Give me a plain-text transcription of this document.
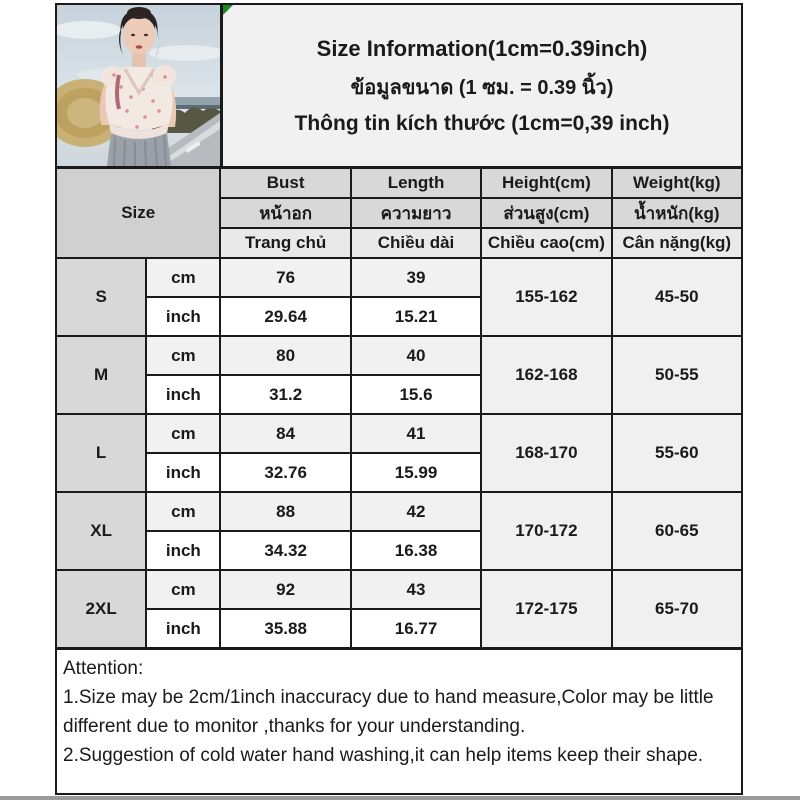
Size Information(1cm=0.39inch)
ข้อมูลขนาด (1 ซม. = 0.39 นิ้ว)
Thông tin kích thước (1cm=0,39 inch)
Size		Bust	Length	Height(cm)	Weight(kg)
		หน้าอก	ความยาว	ส่วนสูง(cm)	น้ำหนัก(kg)
		Trang chủ	Chiều dài	Chiều cao(cm)	Cân nặng(kg)
S	cm	76	39	155-162	45-50
	inch	29.64	15.21		
M	cm	80	40	162-168	50-55
	inch	31.2	15.6		
L	cm	84	41	168-170	55-60
	inch	32.76	15.99		
XL	cm	88	42	170-172	60-65
	inch	34.32	16.38		
2XL	cm	92	43	172-175	65-70
	inch	35.88	16.77		
Attention:
1.Size may be 2cm/1inch inaccuracy due to hand measure,Color may be little different due to monitor ,thanks for your understanding.
2.Suggestion of cold water hand washing,it can help items keep their shape.
